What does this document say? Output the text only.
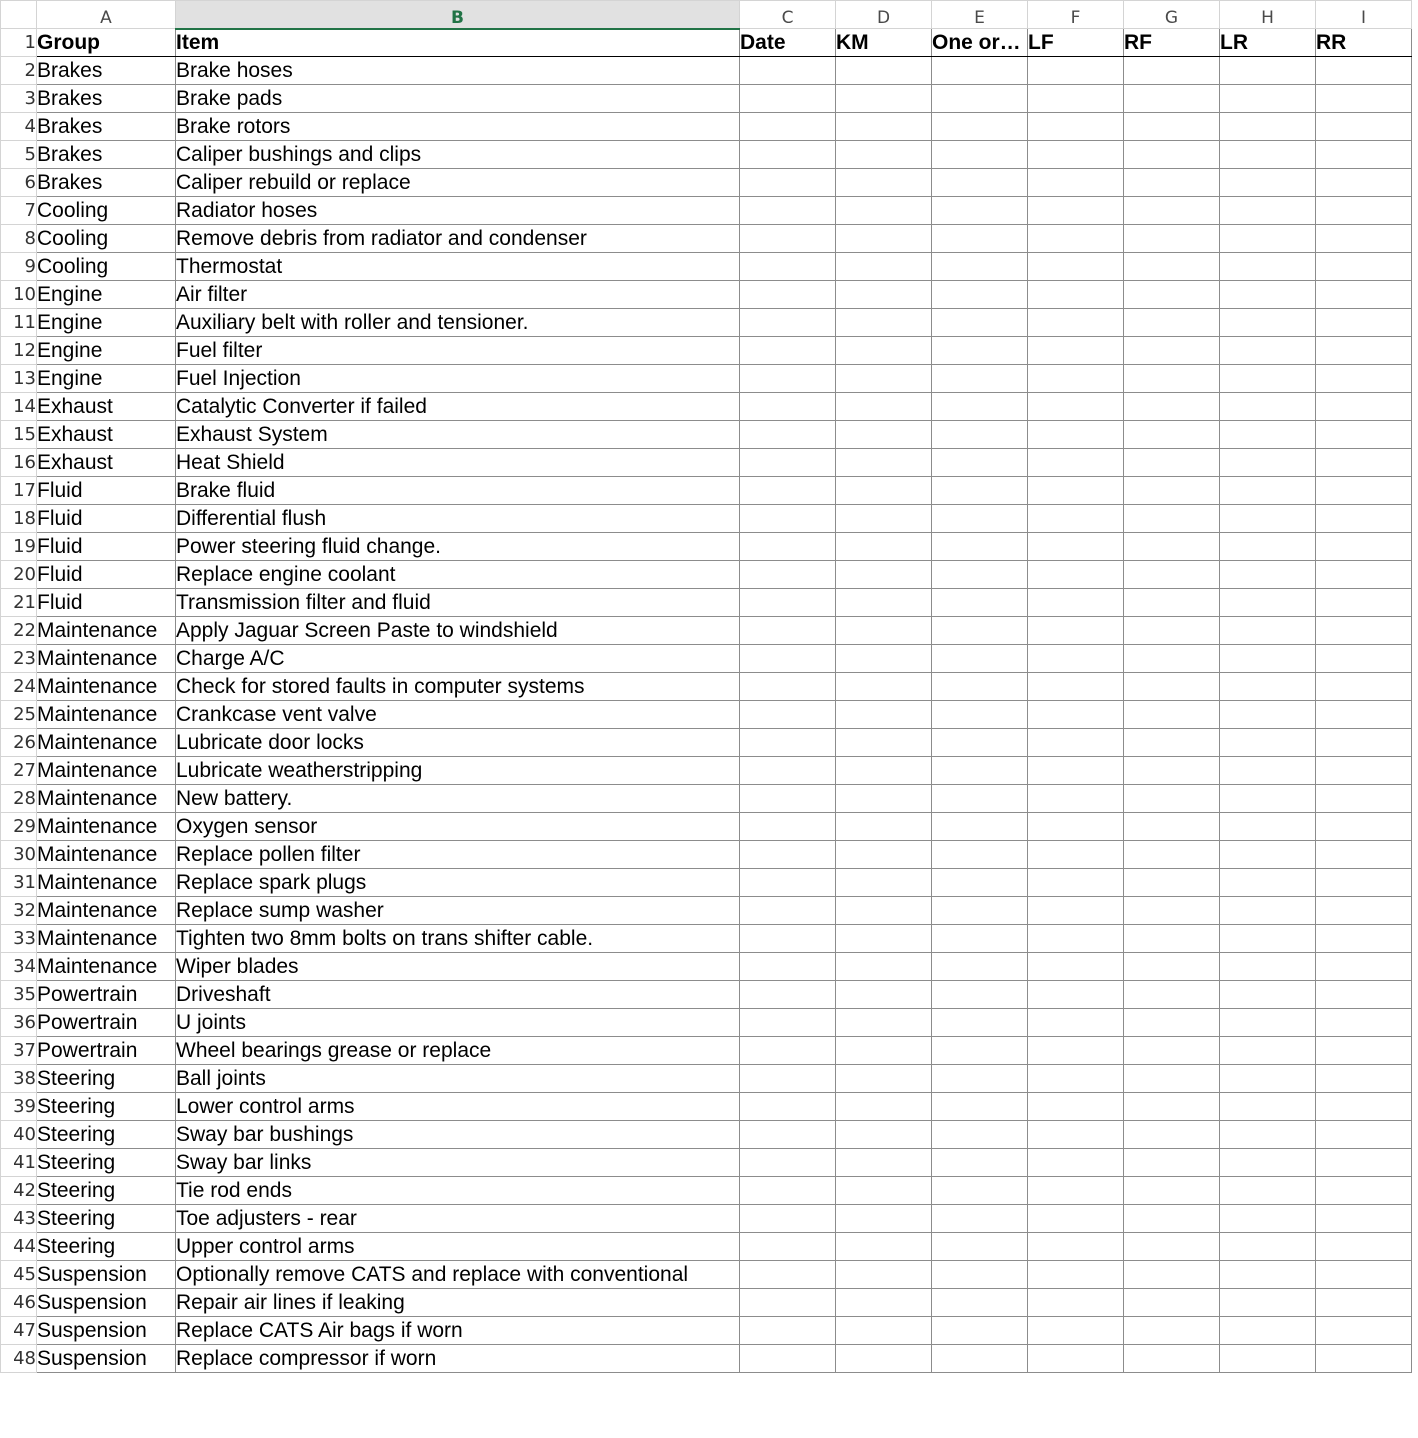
	A	B	C	D	E	F	G	H	I
1	Group	Item	Date	KM	One or…	LF	RF	LR	RR
2	Brakes	Brake hoses							
3	Brakes	Brake pads							
4	Brakes	Brake rotors							
5	Brakes	Caliper bushings and clips							
6	Brakes	Caliper rebuild or replace							
7	Cooling	Radiator hoses							
8	Cooling	Remove debris from radiator and condenser							
9	Cooling	Thermostat							
10	Engine	Air filter							
11	Engine	Auxiliary belt with roller and tensioner.							
12	Engine	Fuel filter							
13	Engine	Fuel Injection							
14	Exhaust	Catalytic Converter if failed							
15	Exhaust	Exhaust System							
16	Exhaust	Heat Shield							
17	Fluid	Brake fluid							
18	Fluid	Differential flush							
19	Fluid	Power steering fluid change.							
20	Fluid	Replace engine coolant							
21	Fluid	Transmission filter and fluid							
22	Maintenance	Apply Jaguar Screen Paste to windshield							
23	Maintenance	Charge A/C							
24	Maintenance	Check for stored faults in computer systems							
25	Maintenance	Crankcase vent valve							
26	Maintenance	Lubricate door locks							
27	Maintenance	Lubricate weatherstripping							
28	Maintenance	New battery.							
29	Maintenance	Oxygen sensor							
30	Maintenance	Replace pollen filter							
31	Maintenance	Replace spark plugs							
32	Maintenance	Replace sump washer							
33	Maintenance	Tighten two 8mm bolts on trans shifter cable.							
34	Maintenance	Wiper blades							
35	Powertrain	Driveshaft							
36	Powertrain	U joints							
37	Powertrain	Wheel bearings grease or replace							
38	Steering	Ball joints							
39	Steering	Lower control arms							
40	Steering	Sway bar bushings							
41	Steering	Sway bar links							
42	Steering	Tie rod ends							
43	Steering	Toe adjusters - rear							
44	Steering	Upper control arms							
45	Suspension	Optionally remove CATS and replace with conventional							
46	Suspension	Repair air lines if leaking							
47	Suspension	Replace CATS Air bags if worn							
48	Suspension	Replace compressor if worn							
